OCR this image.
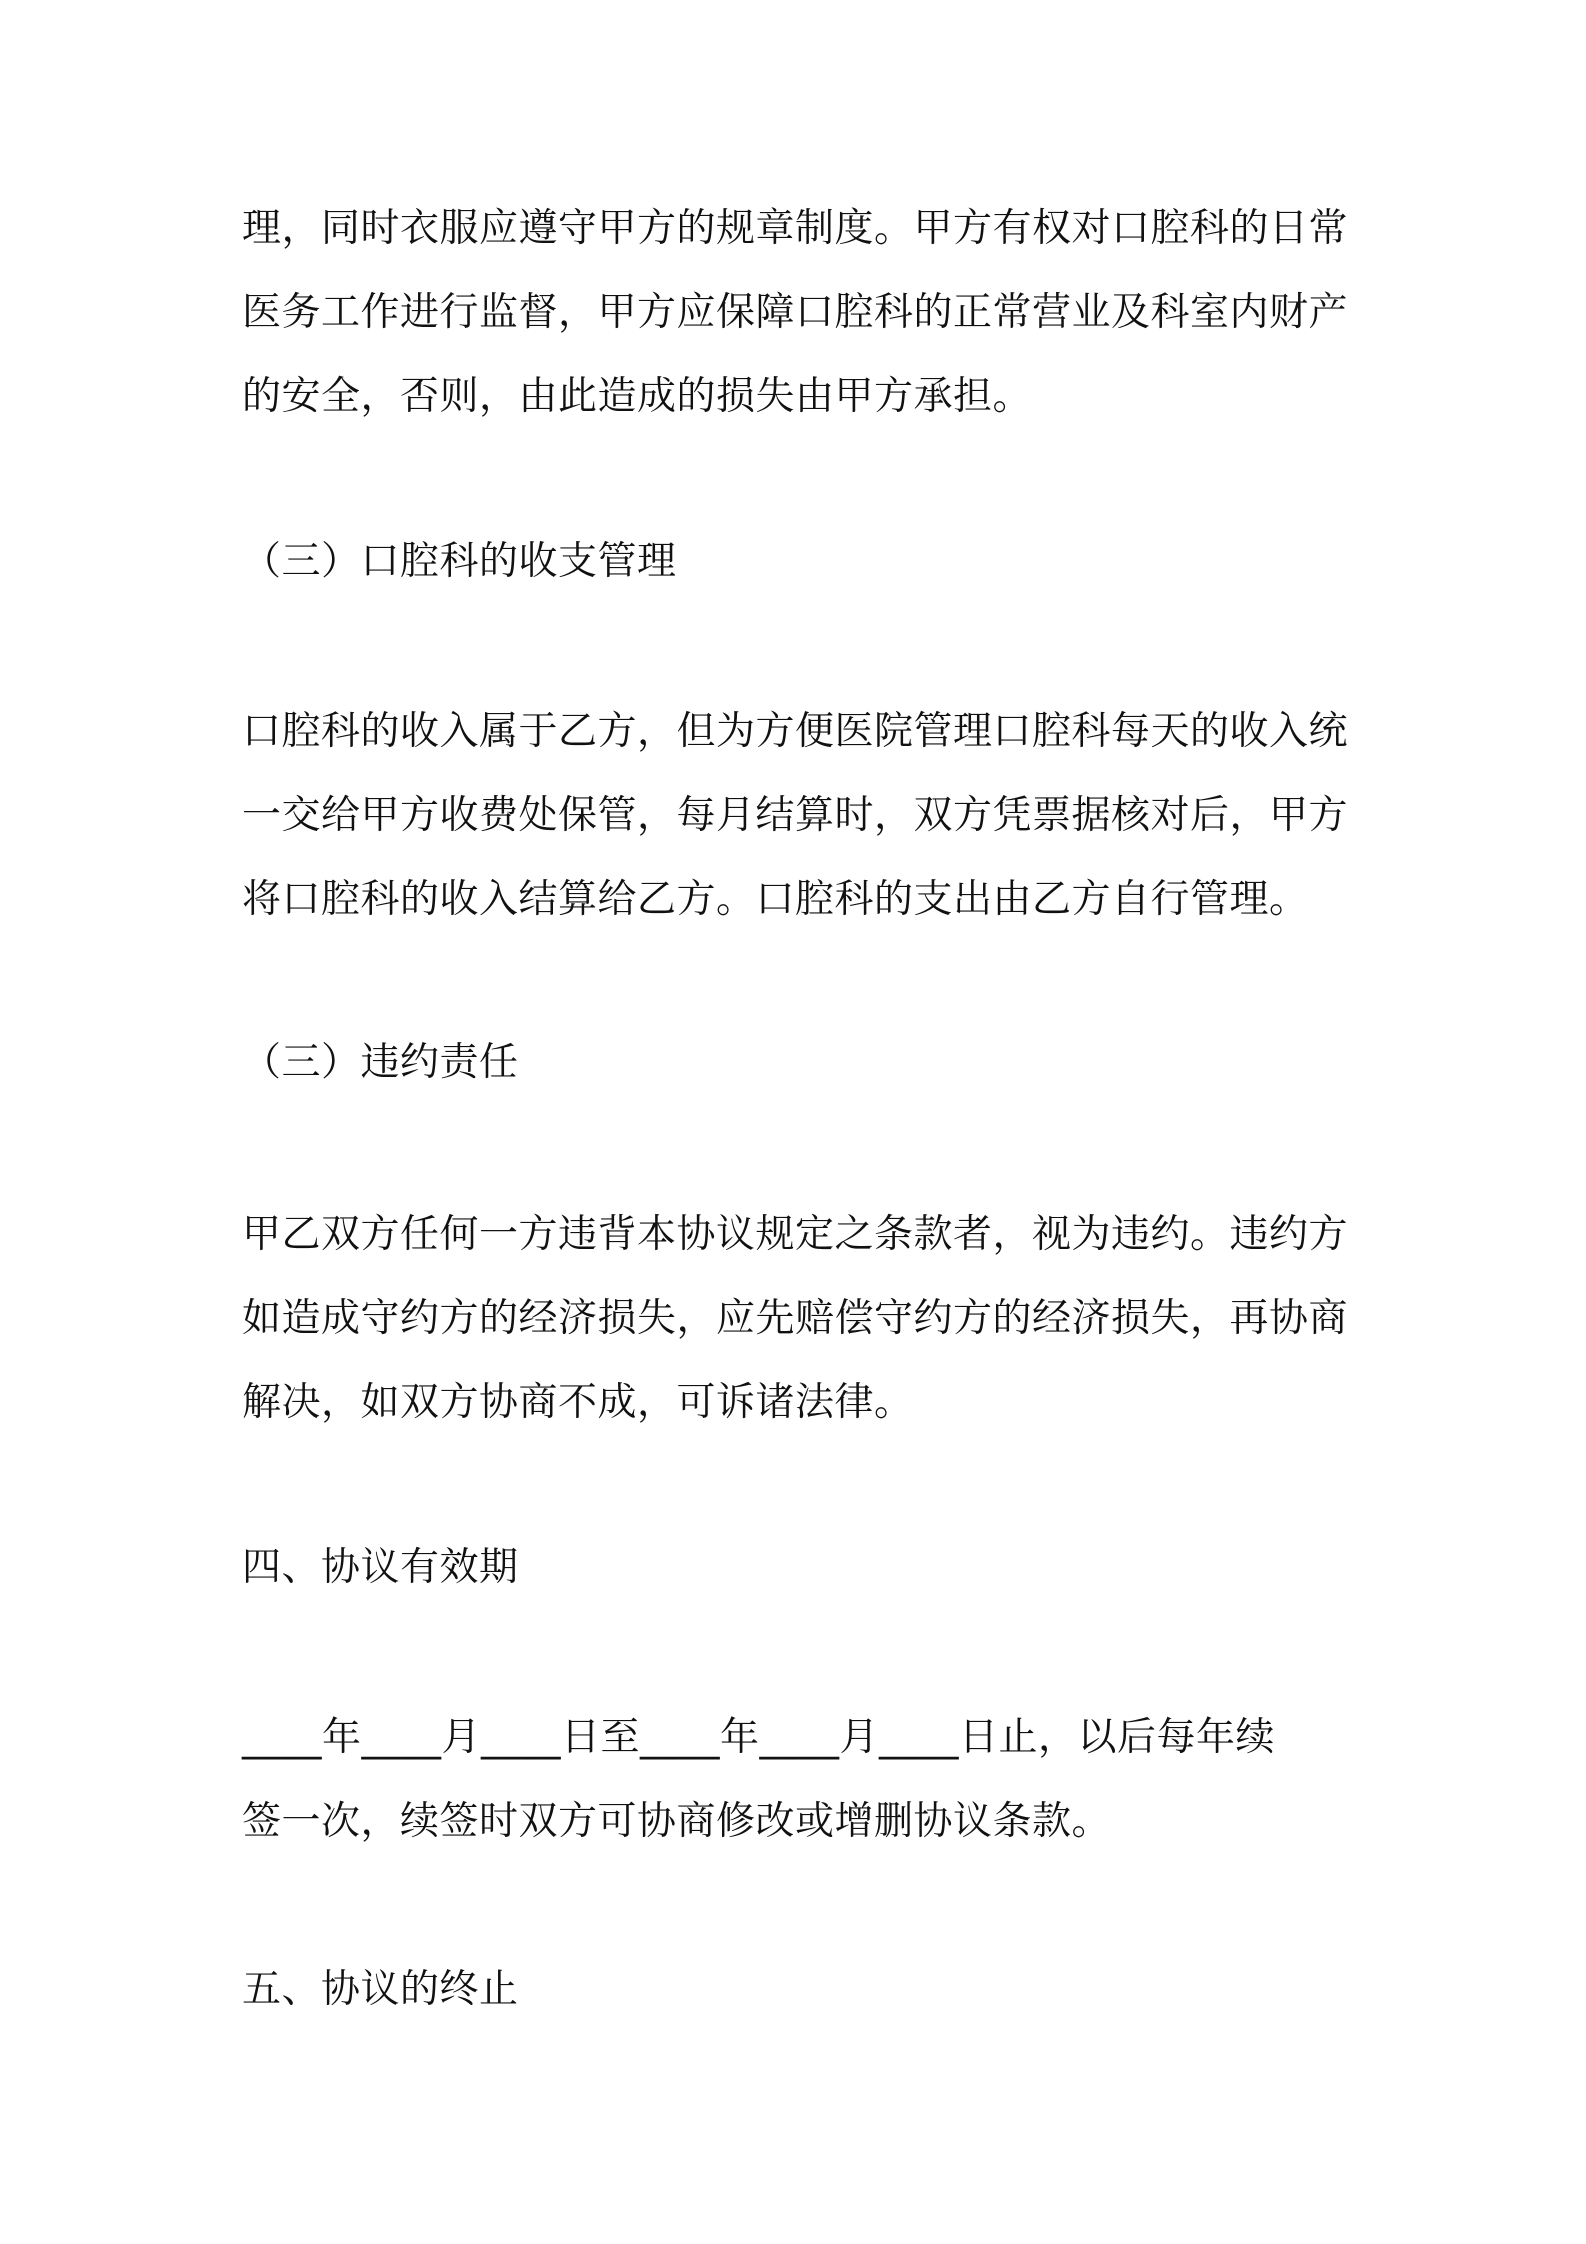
理，同时衣服应遵守甲方的规章制度。甲方有权对口腔科的日常
医务工作进行监督，甲方应保障口腔科的正常营业及科室内财产
的安全，否则，由此造成的损失由甲方承担。
（三）口腔科的收支管理
口腔科的收入属于乙方，但为方便医院管理口腔科每天的收入统
一交给甲方收费处保管，每月结算时，双方凭票据核对后，甲方
将口腔科的收入结算给乙方。口腔科的支出由乙方自行管理。
（三）违约责任
甲乙双方任何一方违背本协议规定之条款者，视为违约。违约方
如造成守约方的经济损失，应先赔偿守约方的经济损失，再协商
解决，如双方协商不成，可诉诸法律。
四、协议有效期
____年____月____日至____年____月____日止，以后每年续
签一次，续签时双方可协商修改或增删协议条款。
五、协议的终止
